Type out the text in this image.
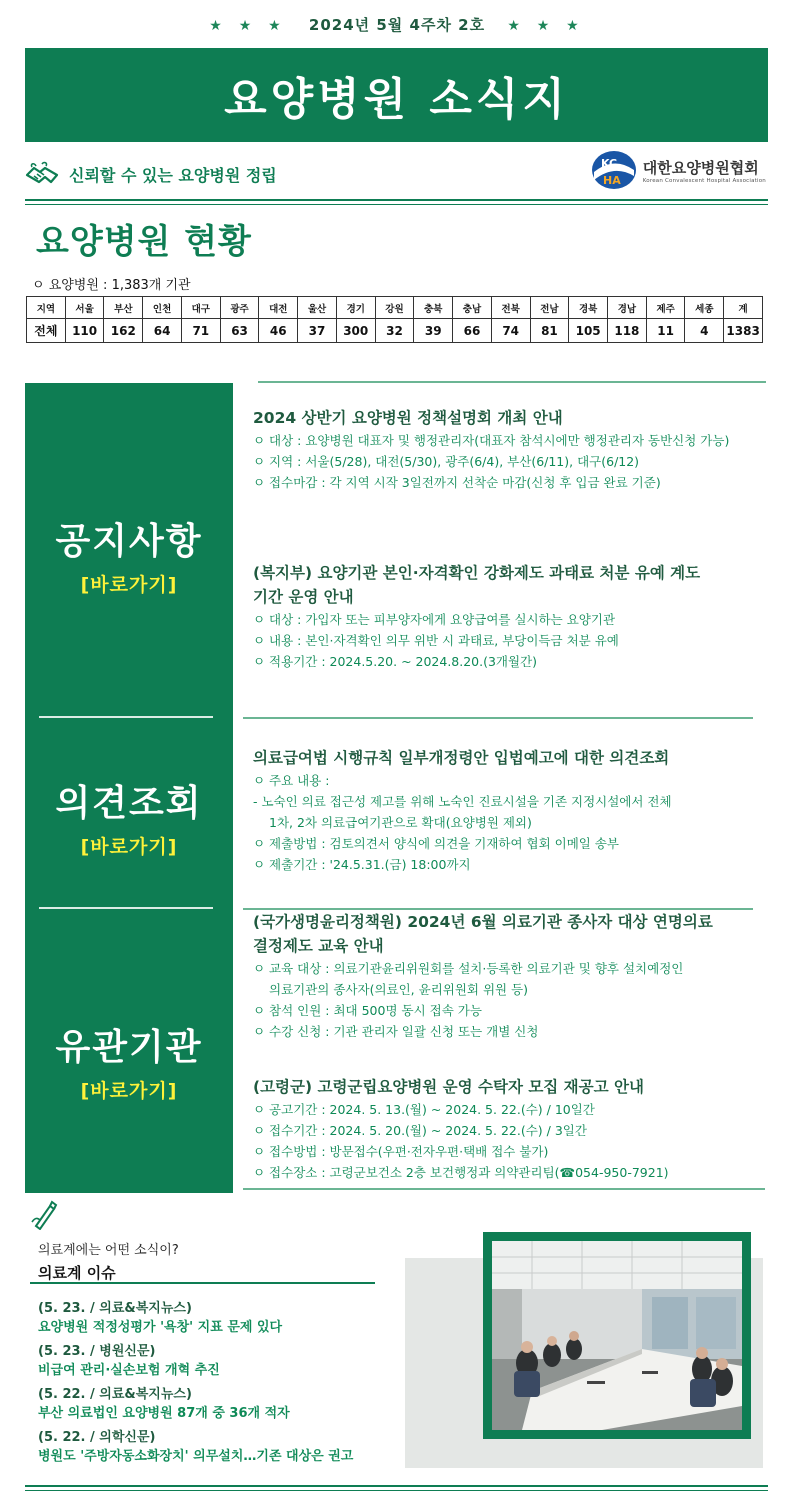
★ ★ ★ 2024년 5월 4주차 2호 ★ ★ ★
요양병원 소식지
신뢰할 수 있는 요양병원 정립
KC
HA
대한요양병원협회
Korean Convalescent Hospital Association
요양병원 현황
ㅇ 요양병원 : 1,383개 기관
지역	서울	부산	인천	대구	광주	대전	울산	경기	강원	충북	충남	전북	전남	경북	경남	제주	세종	계
전체	110	162	64	71	63	46	37	300	32	39	66	74	81	105	118	11	4	1383
공지사항
[바로가기]
의견조회
[바로가기]
유관기관
[바로가기]
2024 상반기 요양병원 정책설명회 개최 안내
ㅇ 대상 : 요양병원 대표자 및 행정관리자(대표자 참석시에만 행정관리자 동반신청 가능)
ㅇ 지역 : 서울(5/28), 대전(5/30), 광주(6/4), 부산(6/11), 대구(6/12)
ㅇ 접수마감 : 각 지역 시작 3일전까지 선착순 마감(신청 후 입금 완료 기준)
(복지부) 요양기관 본인·자격확인 강화제도 과태료 처분 유예 계도
기간 운영 안내
ㅇ 대상 : 가입자 또는 피부양자에게 요양급여를 실시하는 요양기관
ㅇ 내용 : 본인·자격확인 의무 위반 시 과태료, 부당이득금 처분 유예
ㅇ 적용기간 : 2024.5.20. ~ 2024.8.20.(3개월간)
의료급여법 시행규칙 일부개정령안 입법예고에 대한 의견조회
ㅇ 주요 내용 :
- 노숙인 의료 접근성 제고를 위해 노숙인 진료시설을 기존 지정시설에서 전체
1차, 2차 의료급여기관으로 확대(요양병원 제외)
ㅇ 제출방법 : 검토의견서 양식에 의견을 기재하여 협회 이메일 송부
ㅇ 제출기간 : '24.5.31.(금) 18:00까지
(국가생명윤리정책원) 2024년 6월 의료기관 종사자 대상 연명의료
결정제도 교육 안내
ㅇ 교육 대상 : 의료기관윤리위원회를 설치·등록한 의료기관 및 향후 설치예정인
의료기관의 종사자(의료인, 윤리위원회 위원 등)
ㅇ 참석 인원 : 최대 500명 동시 접속 가능
ㅇ 수강 신청 : 기관 관리자 일괄 신청 또는 개별 신청
(고령군) 고령군립요양병원 운영 수탁자 모집 재공고 안내
ㅇ 공고기간 : 2024. 5. 13.(월) ~ 2024. 5. 22.(수) / 10일간
ㅇ 접수기간 : 2024. 5. 20.(월) ~ 2024. 5. 22.(수) / 3일간
ㅇ 접수방법 : 방문접수(우편·전자우편·택배 접수 불가)
ㅇ 접수장소 : 고령군보건소 2층 보건행정과 의약관리팀(☎054-950-7921)
의료계에는 어떤 소식이?
의료계 이슈
(5. 23. / 의료&복지뉴스)
요양병원 적정성평가 '욕창' 지표 문제 있다
(5. 23. / 병원신문)
비급여 관리·실손보험 개혁 추진
(5. 22. / 의료&복지뉴스)
부산 의료법인 요양병원 87개 중 36개 적자
(5. 22. / 의학신문)
병원도 '주방자동소화장치' 의무설치…기존 대상은 권고
